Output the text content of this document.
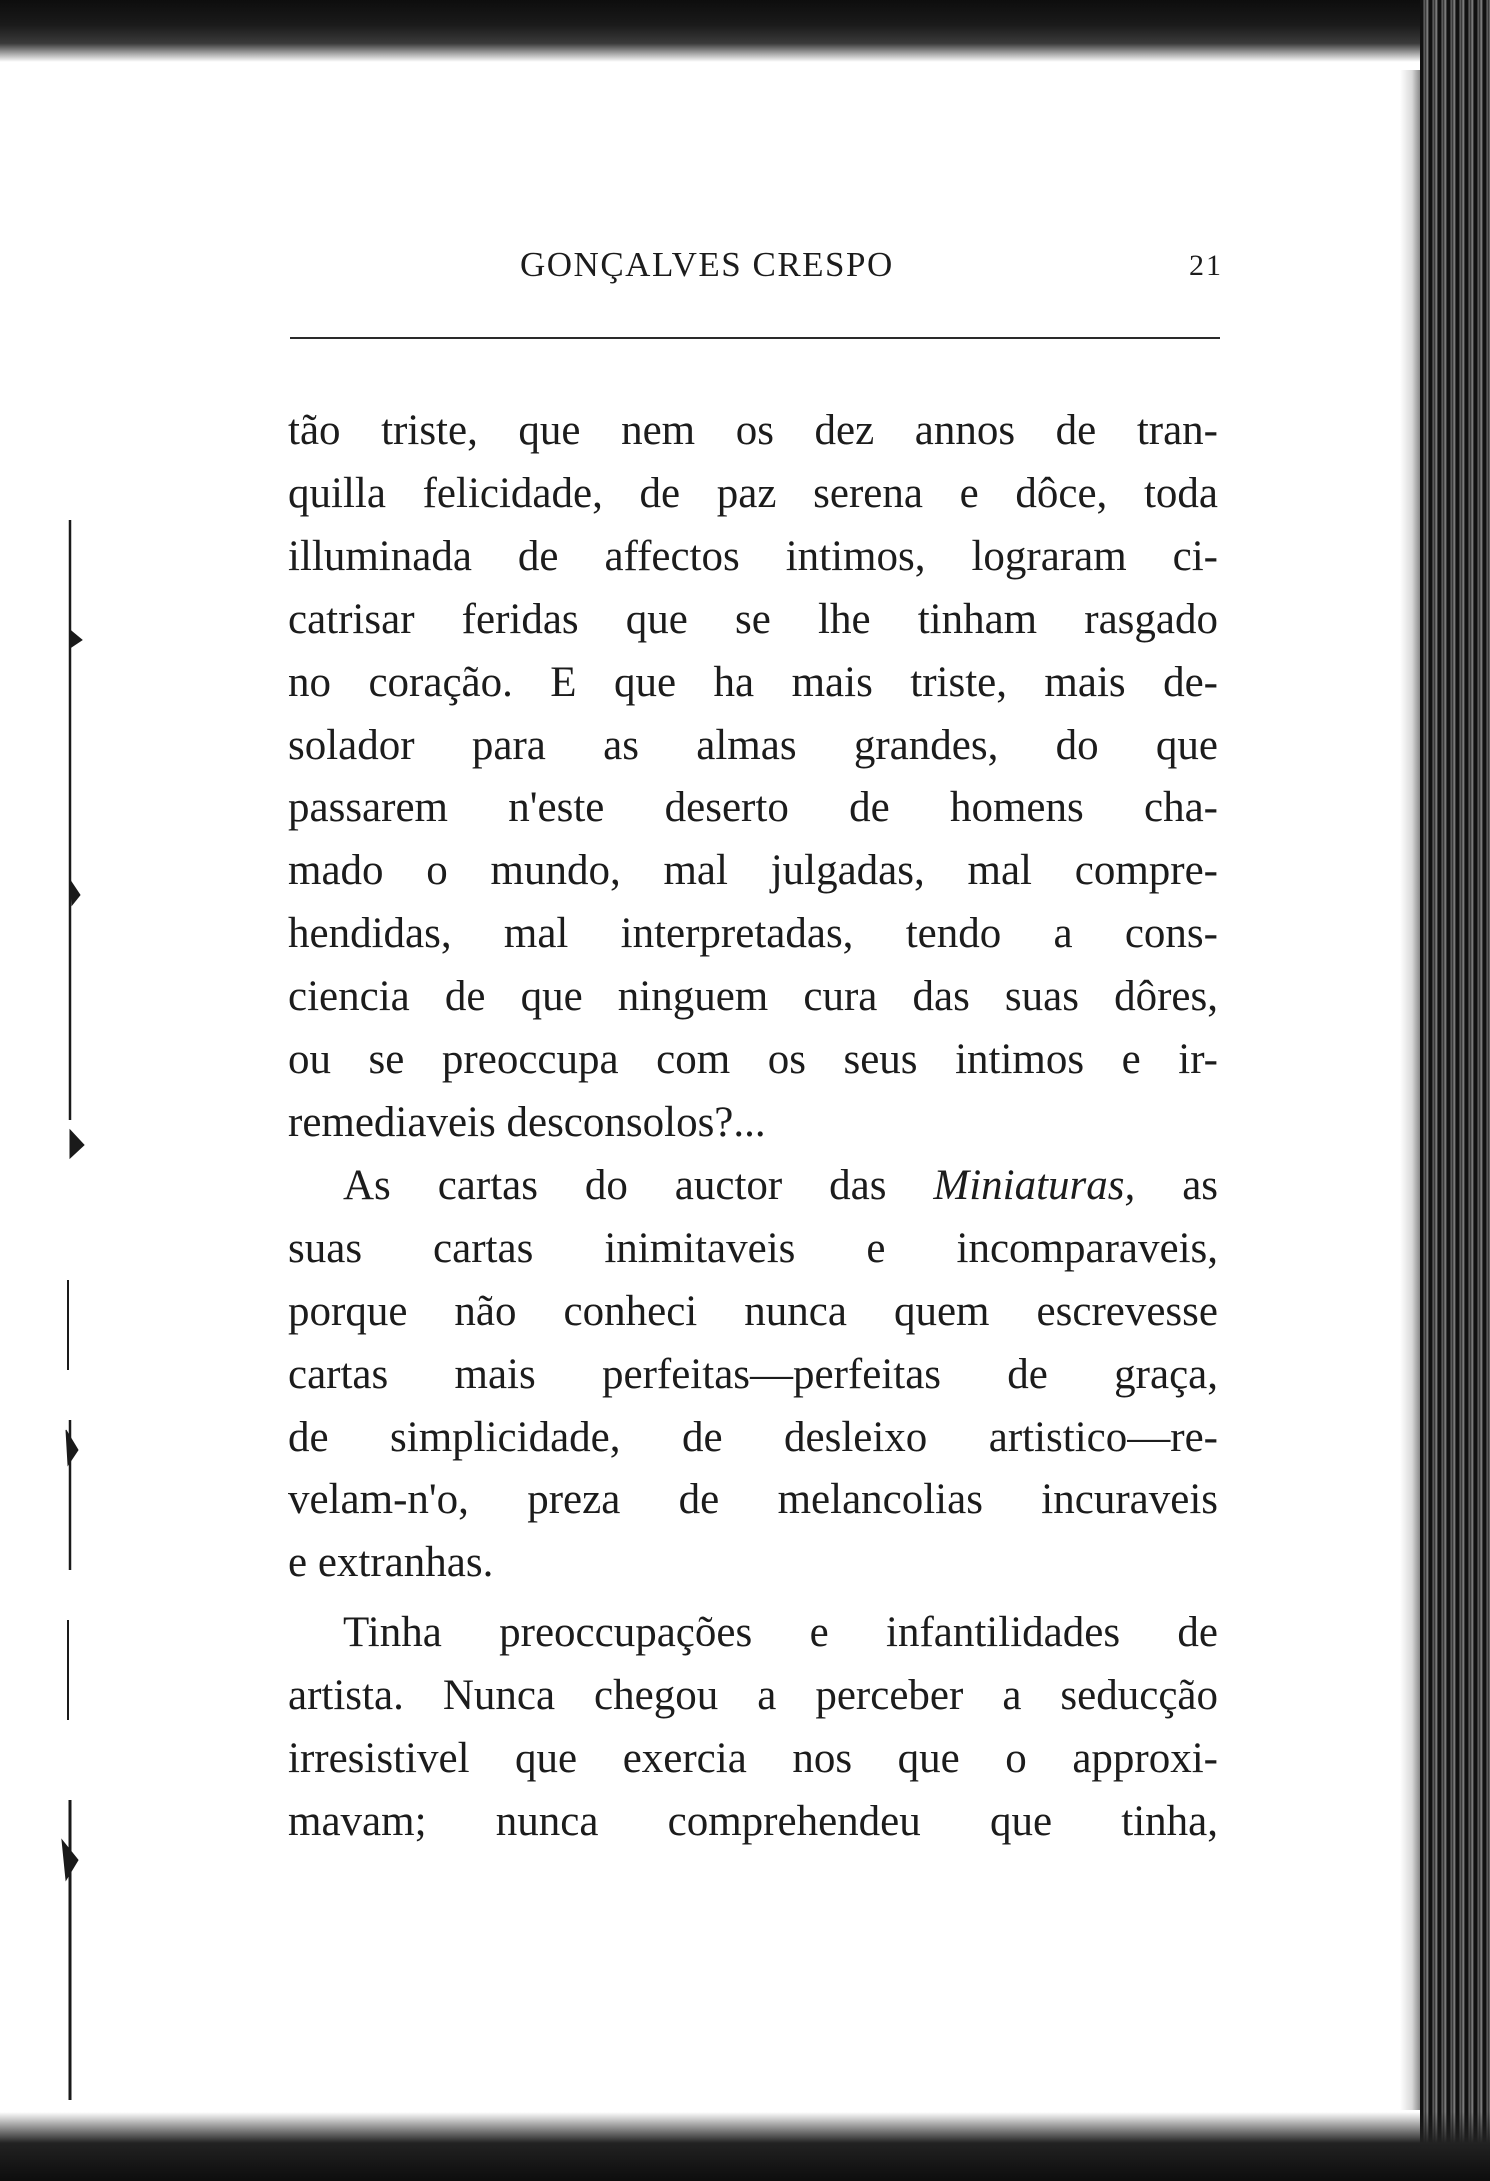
GONÇALVES CRESPO	21
tão triste, que nem os dez annos de tran-
quilla felicidade, de paz serena e dôce, toda
illuminada de affectos intimos, lograram ci-
catrisar feridas que se lhe tinham rasgado
no coração. E que ha mais triste, mais de-
solador para as almas grandes, do que
passarem n'este deserto de homens cha-
mado o mundo, mal julgadas, mal compre-
hendidas, mal interpretadas, tendo a cons-
ciencia de que ninguem cura das suas dôres,
ou se preoccupa com os seus intimos e ir-
remediaveis desconsolos?...
As cartas do auctor das Miniaturas, as
suas cartas inimitaveis e incomparaveis,
porque não conheci nunca quem escrevesse
cartas mais perfeitas—perfeitas de graça,
de simplicidade, de desleixo artistico—re-
velam-n'o, preza de melancolias incuraveis
e extranhas.
Tinha preoccupações e infantilidades de
artista. Nunca chegou a perceber a seducção
irresistivel que exercia nos que o approxi-
mavam; nunca comprehendeu que tinha,
